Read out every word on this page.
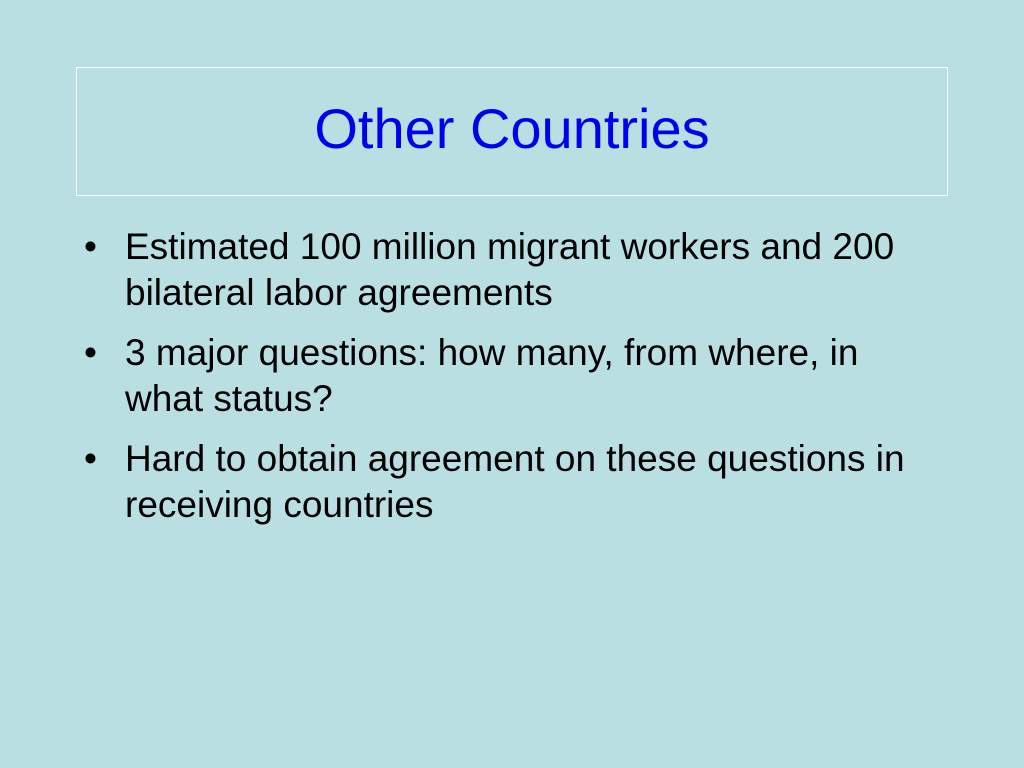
Other Countries
• Estimated 100 million migrant workers and 200 bilateral labor agreements
• 3 major questions: how many, from where, in what status?
• Hard to obtain agreement on these questions in receiving countries
